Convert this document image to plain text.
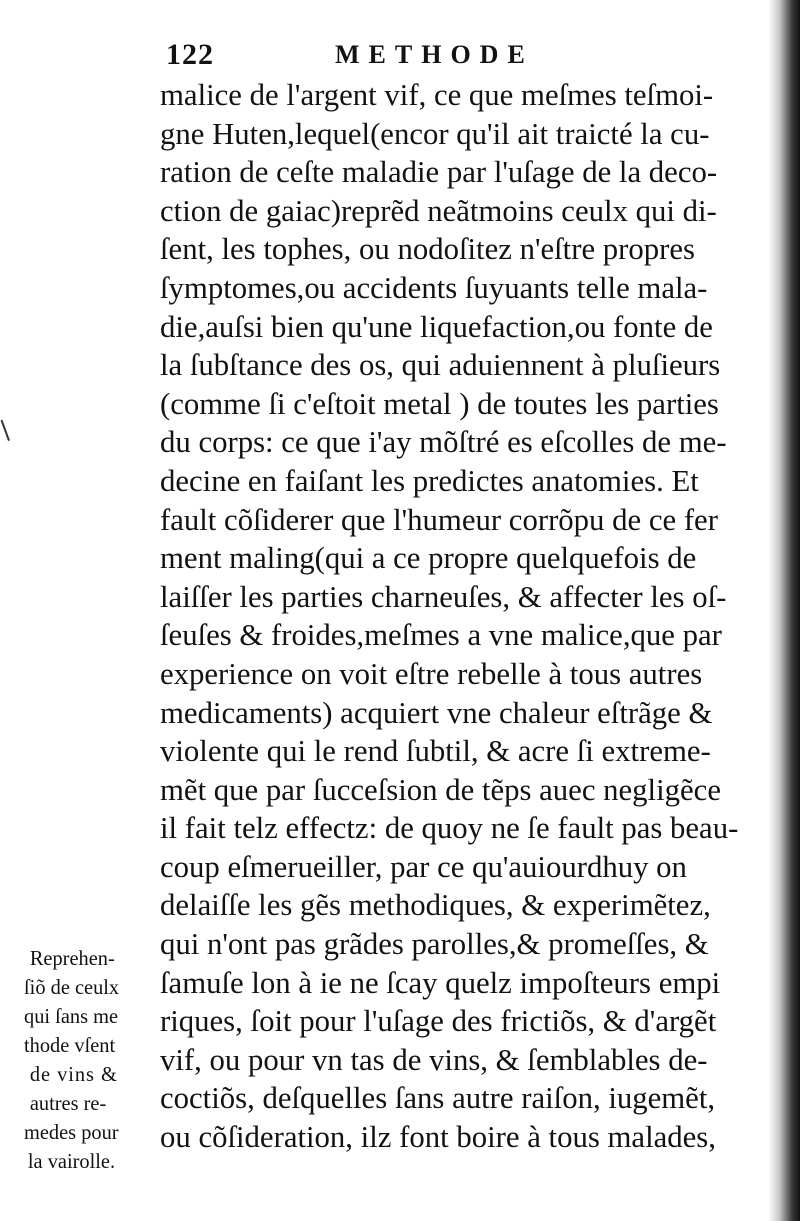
122	METHODE
malice de l'argent vif, ce que meſmes teſmoi-
gne Huten,lequel(encor qu'il ait traicté la cu-
ration de ceſte maladie par l'uſage de la deco-
ction de gaiac)reprẽd neãtmoins ceulx qui di-
ſent, les tophes, ou nodoſitez n'eſtre propres
ſymptomes,ou accidents ſuyuants telle mala-
die,auſsi bien qu'une liquefaction,ou fonte de
la ſubſtance des os, qui aduiennent à pluſieurs
(comme ſi c'eſtoit metal ) de toutes les parties
du corps: ce que i'ay mõſtré es eſcolles de me-
decine en faiſant les predictes anatomies. Et
fault cõſiderer que l'humeur corrõpu de ce fer
ment maling(qui a ce propre quelquefois de
laiſſer les parties charneuſes, & affecter les oſ-
ſeuſes & froides,meſmes a vne malice,que par
experience on voit eſtre rebelle à tous autres
medicaments) acquiert vne chaleur eſtrãge &
violente qui le rend ſubtil, & acre ſi extreme-
mẽt que par ſucceſsion de tẽps auec negligẽce
il fait telz effectz: de quoy ne ſe fault pas beau-
coup eſmerueiller, par ce qu'auiourdhuy on
delaiſſe les gẽs methodiques, & experimẽtez,
qui n'ont pas grãdes parolles,& promeſſes, &
ſamuſe lon à ie ne ſcay quelz impoſteurs empi
riques, ſoit pour l'uſage des frictiõs, & d'argẽt
vif, ou pour vn tas de vins, & ſemblables de-
coctiõs, deſquelles ſans autre raiſon, iugemẽt,
ou cõſideration, ilz font boire à tous malades,
Reprehen-
ſiõ de ceulx
qui ſans me
thode vſent
de vins &
autres re-
medes pour
la vairolle.
